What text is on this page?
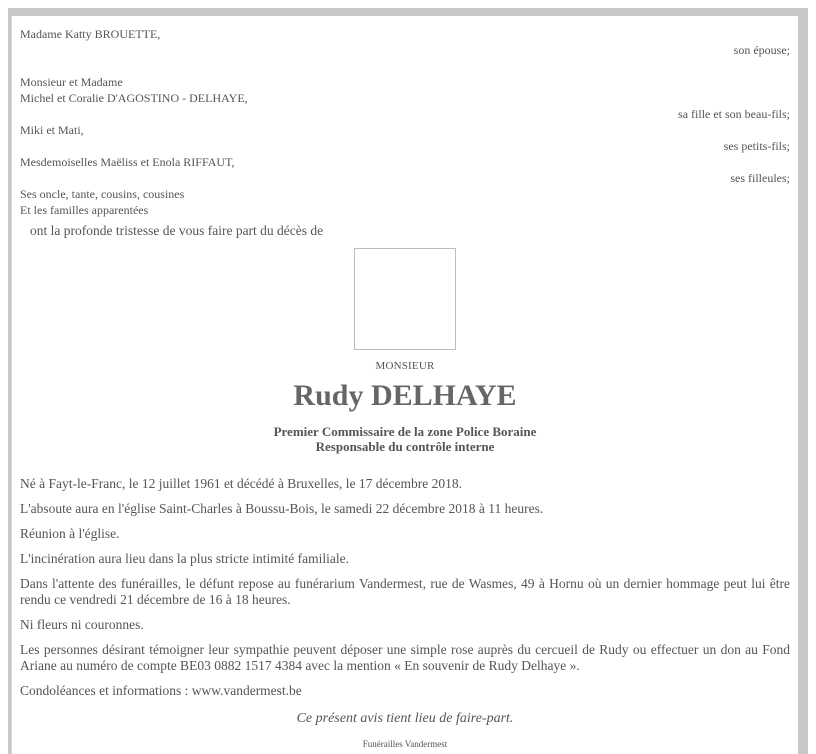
Madame Katty BROUETTE,
son épouse;
Monsieur et Madame
Michel et Coralie D'AGOSTINO - DELHAYE,
sa fille et son beau-fils;
Miki et Mati,
ses petits-fils;
Mesdemoiselles Maëliss et Enola RIFFAUT,
ses filleules;
Ses oncle, tante, cousins, cousines
Et les familles apparentées
ont la profonde tristesse de vous faire part du décès de
MONSIEUR
Rudy DELHAYE
Premier Commissaire de la zone Police Boraine
Responsable du contrôle interne

Né à Fayt-le-Franc, le 12 juillet 1961 et décédé à Bruxelles, le 17 décembre 2018.

L'absoute aura en l'église Saint-Charles à Boussu-Bois, le samedi 22 décembre 2018 à 11 heures.

Réunion à l'église.

L'incinération aura lieu dans la plus stricte intimité familiale.

Dans l'attente des funérailles, le défunt repose au funérarium Vandermest, rue de Wasmes, 49 à Hornu où un dernier hommage peut lui être rendu ce vendredi 21 décembre de 16 à 18 heures.

Ni fleurs ni couronnes.

Les personnes désirant témoigner leur sympathie peuvent déposer une simple rose auprès du cercueil de Rudy ou effectuer un don au Fond Ariane au numéro de compte BE03 0882 1517 4384 avec la mention « En souvenir de Rudy Delhaye ».

Condoléances et informations : www.vandermest.be

Ce présent avis tient lieu de faire-part.
Funérailles Vandermest
